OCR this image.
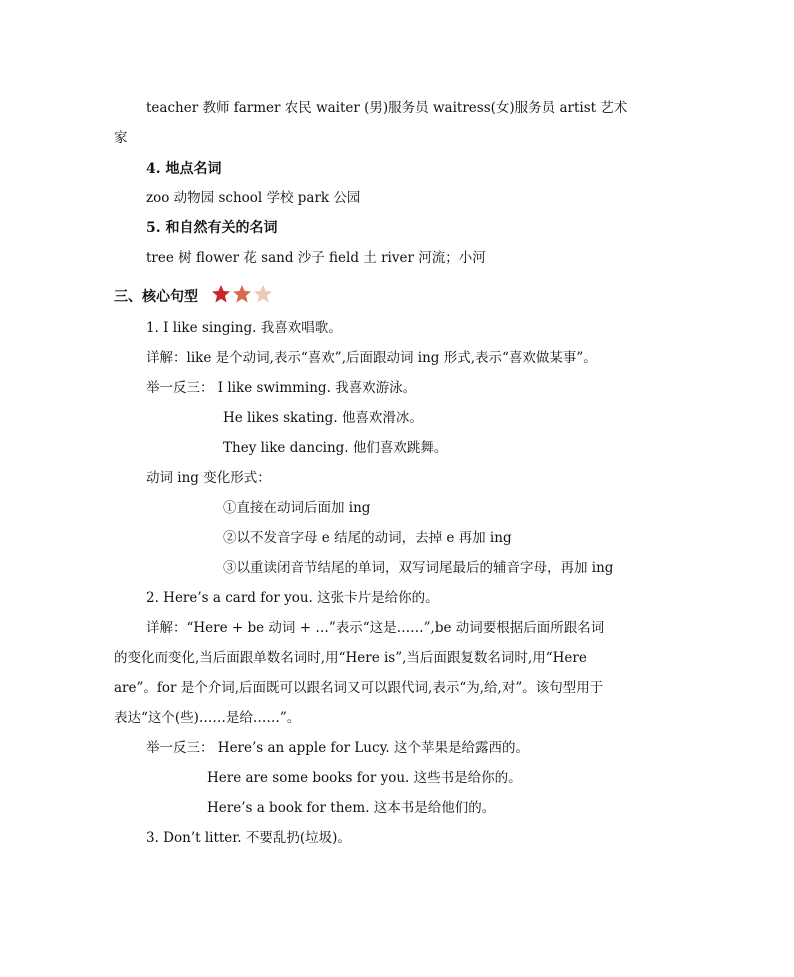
teacher 教师 farmer 农民 waiter (男)服务员 waitress(女)服务员 artist 艺术
家
4. 地点名词
zoo 动物园 school 学校 park 公园
5. 和自然有关的名词
tree 树 flower 花 sand 沙子 field 土 river 河流；小河
三、核心句型
1. I like singing. 我喜欢唱歌。
详解：like 是个动词,表示“喜欢”,后面跟动词 ing 形式,表示“喜欢做某事”。
举一反三： I like swimming. 我喜欢游泳。
He likes skating. 他喜欢滑冰。
They like dancing. 他们喜欢跳舞。
动词 ing 变化形式：
①直接在动词后面加 ing
②以不发音字母 e 结尾的动词，去掉 e 再加 ing
③以重读闭音节结尾的单词，双写词尾最后的辅音字母，再加 ing
2. Here’s a card for you. 这张卡片是给你的。
详解：“Here + be 动词 + …”表示“这是……”,be 动词要根据后面所跟名词
的变化而变化,当后面跟单数名词时,用“Here is”,当后面跟复数名词时,用“Here
are”。for 是个介词,后面既可以跟名词又可以跟代词,表示“为,给,对”。该句型用于
表达“这个(些)……是给……”。
举一反三： Here’s an apple for Lucy. 这个苹果是给露西的。
Here are some books for you. 这些书是给你的。
Here’s a book for them. 这本书是给他们的。
3. Don’t litter. 不要乱扔(垃圾)。
